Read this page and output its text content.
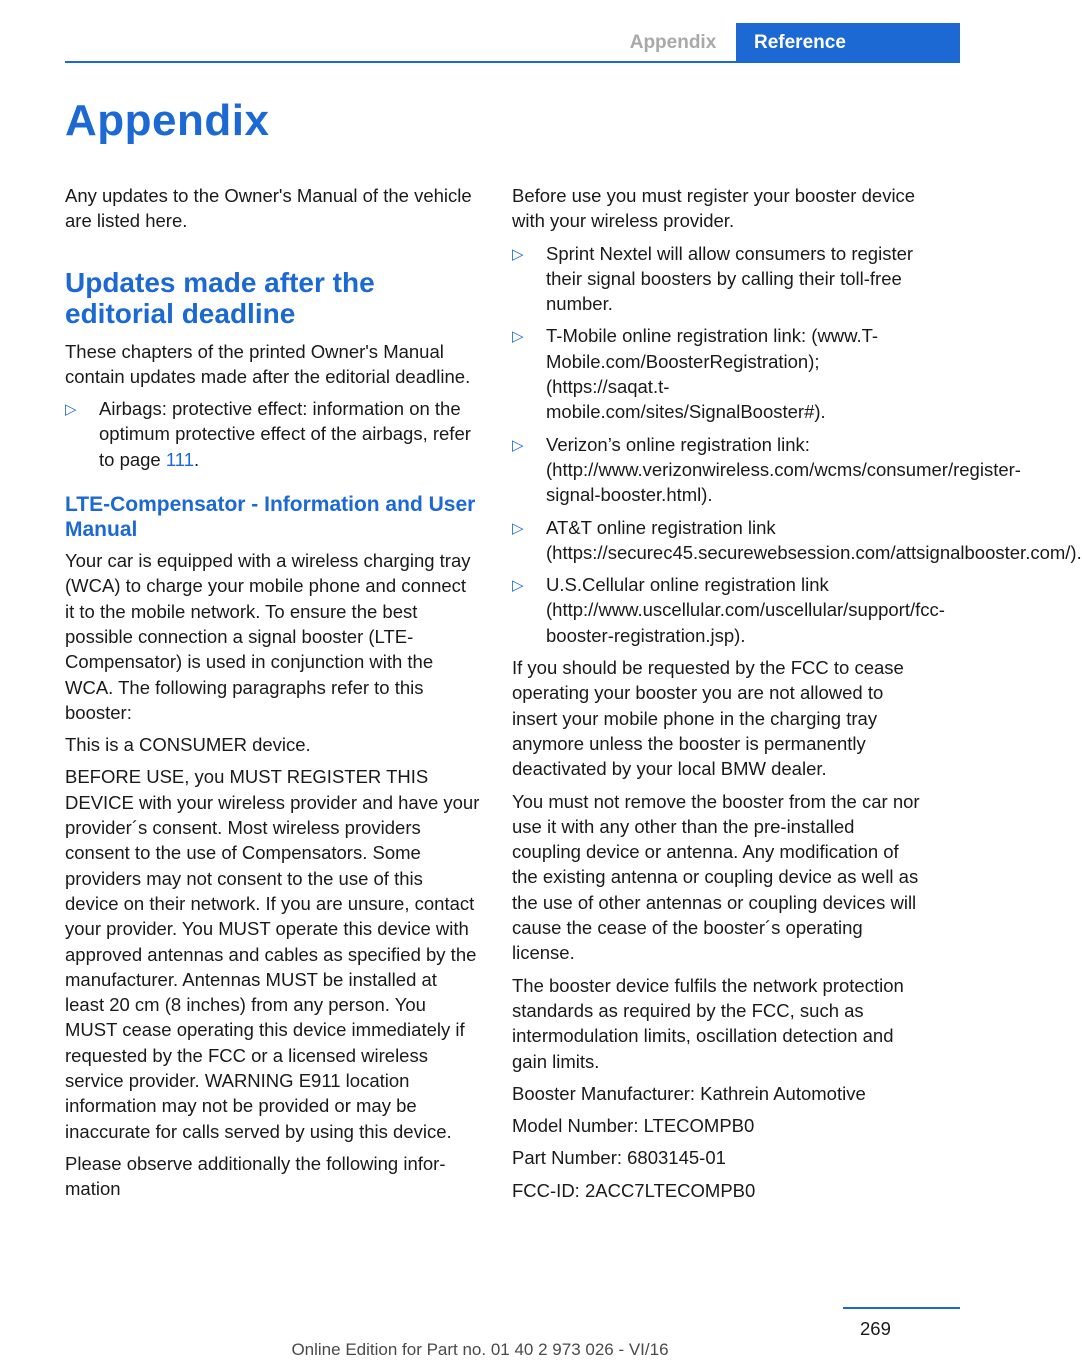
Appendix	Reference
Appendix

Any updates to the Owner's Manual of the vehicle are listed here.

Updates made after the editorial deadline

These chapters of the printed Owner's Manual contain updates made after the editorial deadline.

▷ Airbags: protective effect: information on the optimum protective effect of the airbags, refer to page 111.
LTE-Compensator - Information and User Manual

Your car is equipped with a wireless charging tray (WCA) to charge your mobile phone and connect it to the mobile network. To ensure the best possible connection a signal booster (LTE-Compensator) is used in conjunction with the WCA. The following paragraphs refer to this booster:

This is a CONSUMER device.

BEFORE USE, you MUST REGISTER THIS DEVICE with your wireless provider and have your provider´s consent. Most wireless providers consent to the use of Compensators. Some providers may not consent to the use of this device on their network. If you are unsure, contact your provider. You MUST operate this device with approved antennas and cables as specified by the manufacturer. Antennas MUST be installed at least 20 cm (8 inches) from any person. You MUST cease operating this device immediately if requested by the FCC or a licensed wireless service provider. WARNING E911 location information may not be provided or may be inaccurate for calls served by using this device.

Please observe additionally the following information

Before use you must register your booster device with your wireless provider.

▷ Sprint Nextel will allow consumers to register their signal boosters by calling their toll-free number.
▷ T-Mobile online registration link: (www.T-Mobile.com/BoosterRegistration); (https://saqat.t-mobile.com/sites/SignalBooster#).
▷ Verizon’s online registration link: (http://www.verizonwireless.com/wcms/consumer/register-signal-booster.html).
▷ AT&T online registration link (https://securec45.securewebsession.com/attsignalbooster.com/).
▷ U.S.Cellular online registration link (http://www.uscellular.com/uscellular/support/fcc-booster-registration.jsp).

If you should be requested by the FCC to cease operating your booster you are not allowed to insert your mobile phone in the charging tray anymore unless the booster is permanently deactivated by your local BMW dealer.

You must not remove the booster from the car nor use it with any other than the pre-installed coupling device or antenna. Any modification of the existing antenna or coupling device as well as the use of other antennas or coupling devices will cause the cease of the booster´s operating license.

The booster device fulfils the network protection standards as required by the FCC, such as intermodulation limits, oscillation detection and gain limits.

Booster Manufacturer: Kathrein Automotive

Model Number: LTECOMPB0

Part Number: 6803145-01

FCC-ID: 2ACC7LTECOMPB0

269
Online Edition for Part no. 01 40 2 973 026 - VI/16
